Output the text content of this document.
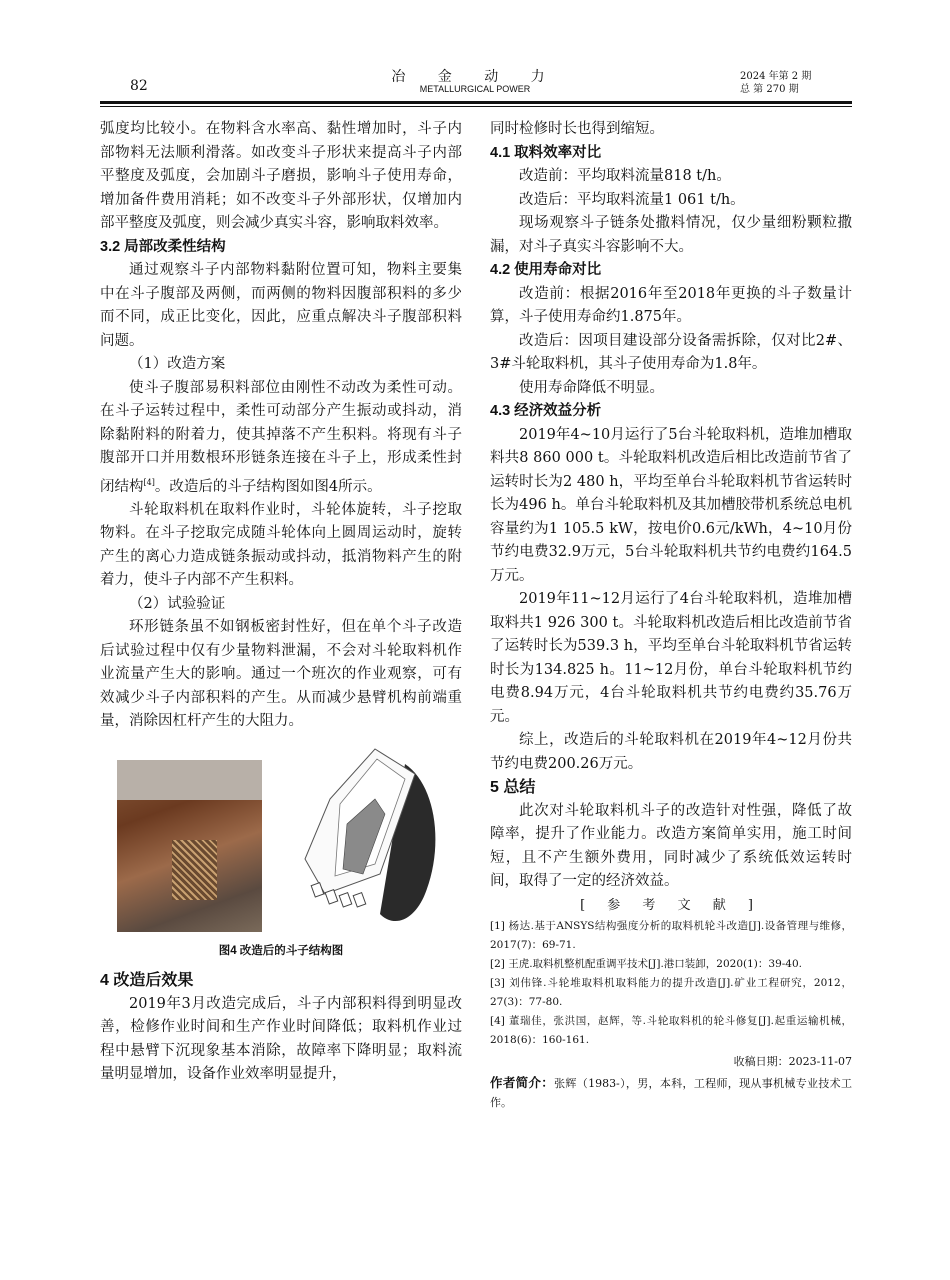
82
冶 金 动 力
METALLURGICAL POWER
2024 年第 2 期
总 第 270 期

弧度均比较小。在物料含水率高、黏性增加时，斗子内部物料无法顺利滑落。如改变斗子形状来提高斗子内部平整度及弧度，会加剧斗子磨损，影响斗子使用寿命，增加备件费用消耗；如不改变斗子外部形状，仅增加内部平整度及弧度，则会减少真实斗容，影响取料效率。

3.2 局部改柔性结构

通过观察斗子内部物料黏附位置可知，物料主要集中在斗子腹部及两侧，而两侧的物料因腹部积料的多少而不同，成正比变化，因此，应重点解决斗子腹部积料问题。

（1）改造方案

使斗子腹部易积料部位由刚性不动改为柔性可动。在斗子运转过程中，柔性可动部分产生振动或抖动，消除黏附料的附着力，使其掉落不产生积料。将现有斗子腹部开口并用数根环形链条连接在斗子上，形成柔性封闭结构[4]。改造后的斗子结构图如图4所示。

斗轮取料机在取料作业时，斗轮体旋转，斗子挖取物料。在斗子挖取完成随斗轮体向上圆周运动时，旋转产生的离心力造成链条振动或抖动，抵消物料产生的附着力，使斗子内部不产生积料。

（2）试验验证

环形链条虽不如钢板密封性好，但在单个斗子改造后试验过程中仅有少量物料泄漏，不会对斗轮取料机作业流量产生大的影响。通过一个班次的作业观察，可有效减少斗子内部积料的产生。从而减少悬臂机构前端重量，消除因杠杆产生的大阻力。

图4 改造后的斗子结构图

4 改造后效果

2019年3月改造完成后，斗子内部积料得到明显改善，检修作业时间和生产作业时间降低；取料机作业过程中悬臂下沉现象基本消除，故障率下降明显；取料流量明显增加，设备作业效率明显提升，

同时检修时长也得到缩短。

4.1 取料效率对比

改造前：平均取料流量818 t/h。

改造后：平均取料流量1 061 t/h。

现场观察斗子链条处撒料情况，仅少量细粉颗粒撒漏，对斗子真实斗容影响不大。

4.2 使用寿命对比

改造前：根据2016年至2018年更换的斗子数量计算，斗子使用寿命约1.875年。

改造后：因项目建设部分设备需拆除，仅对比2#、3#斗轮取料机，其斗子使用寿命为1.8年。

使用寿命降低不明显。

4.3 经济效益分析

2019年4~10月运行了5台斗轮取料机，造堆加槽取料共8 860 000 t。斗轮取料机改造后相比改造前节省了运转时长为2 480 h，平均至单台斗轮取料机节省运转时长为496 h。单台斗轮取料机及其加槽胶带机系统总电机容量约为1 105.5 kW，按电价0.6元/kWh，4~10月份节约电费32.9万元，5台斗轮取料机共节约电费约164.5万元。

2019年11~12月运行了4台斗轮取料机，造堆加槽取料共1 926 300 t。斗轮取料机改造后相比改造前节省了运转时长为539.3 h，平均至单台斗轮取料机节省运转时长为134.825 h。11~12月份，单台斗轮取料机节约电费8.94万元，4台斗轮取料机共节约电费约35.76万元。

综上，改造后的斗轮取料机在2019年4~12月份共节约电费200.26万元。

5 总结

此次对斗轮取料机斗子的改造针对性强，降低了故障率，提升了作业能力。改造方案简单实用，施工时间短，且不产生额外费用，同时减少了系统低效运转时间，取得了一定的经济效益。

[ 参 考 文 献 ]

[1] 杨达.基于ANSYS结构强度分析的取料机轮斗改造[J].设备管理与维修，2017(7)：69-71.

[2] 王虎.取料机整机配重调平技术[J].港口装卸，2020(1)：39-40.

[3] 刘伟锋.斗轮堆取料机取料能力的提升改造[J].矿业工程研究，2012，27(3)：77-80.

[4] 董瑞佳，张洪国，赵辉，等.斗轮取料机的轮斗修复[J].起重运输机械，2018(6)：160-161.

收稿日期：2023-11-07

作者简介：张辉（1983-），男，本科，工程师，现从事机械专业技术工作。
